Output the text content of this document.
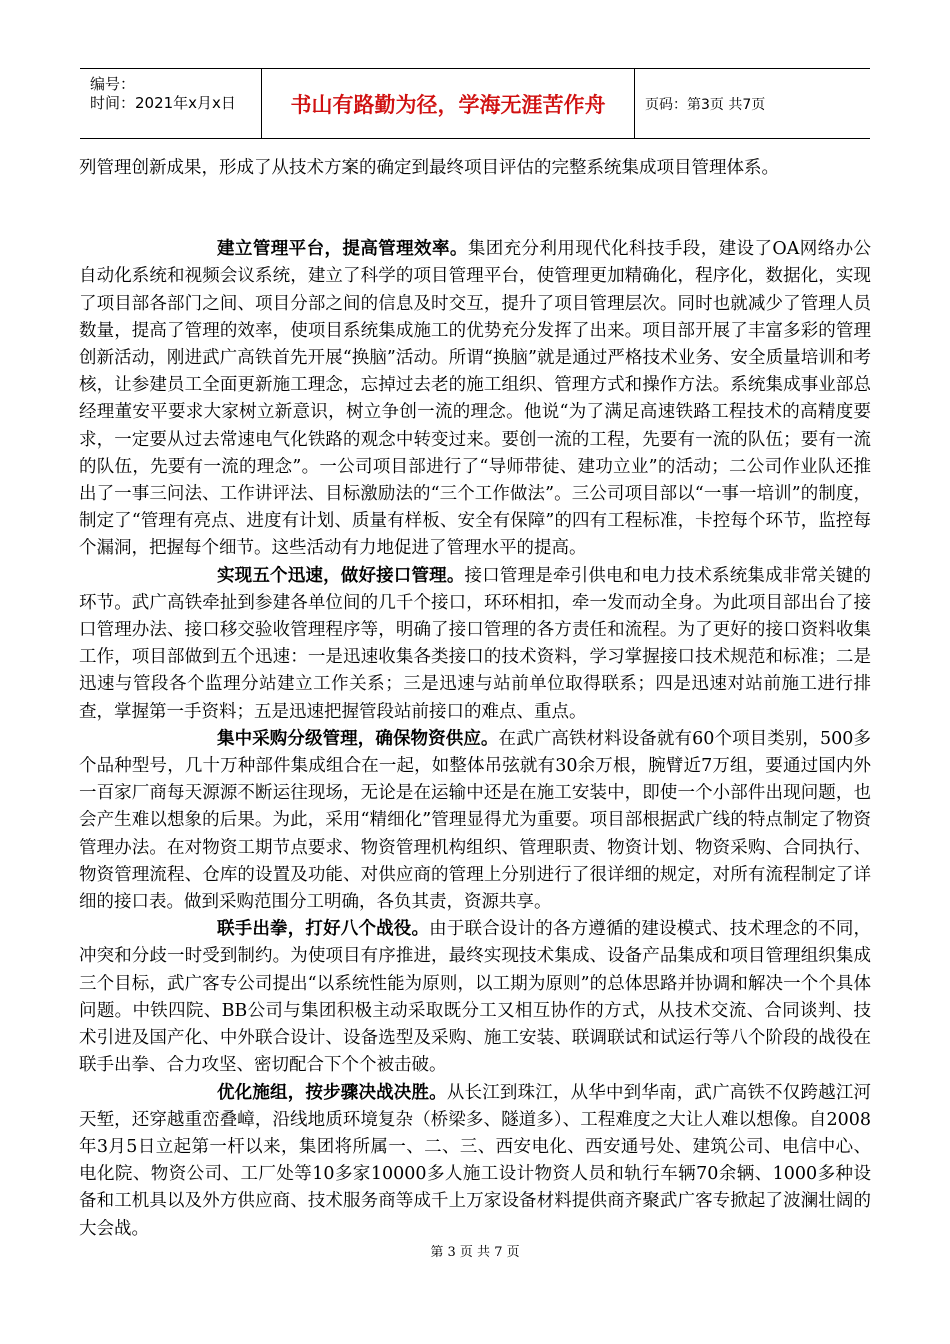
编号：
时间：2021年x月x日	书山有路勤为径，学海无涯苦作舟	页码：第3页 共7页

列管理创新成果，形成了从技术方案的确定到最终项目评估的完整系统集成项目管理体系。

建立管理平台，提高管理效率。集团充分利用现代化科技手段，建设了OA网络办公自动化系统和视频会议系统，建立了科学的项目管理平台，使管理更加精确化，程序化，数据化，实现了项目部各部门之间、项目分部之间的信息及时交互，提升了项目管理层次。同时也就减少了管理人员数量，提高了管理的效率，使项目系统集成施工的优势充分发挥了出来。项目部开展了丰富多彩的管理创新活动，刚进武广高铁首先开展“换脑”活动。所谓“换脑”就是通过严格技术业务、安全质量培训和考核，让参建员工全面更新施工理念，忘掉过去老的施工组织、管理方式和操作方法。系统集成事业部总经理董安平要求大家树立新意识，树立争创一流的理念。他说“为了满足高速铁路工程技术的高精度要求，一定要从过去常速电气化铁路的观念中转变过来。要创一流的工程，先要有一流的队伍；要有一流的队伍，先要有一流的理念”。一公司项目部进行了“导师带徒、建功立业”的活动；二公司作业队还推出了一事三问法、工作讲评法、目标激励法的“三个工作做法”。三公司项目部以“一事一培训”的制度，制定了“管理有亮点、进度有计划、质量有样板、安全有保障”的四有工程标准，卡控每个环节，监控每个漏洞，把握每个细节。这些活动有力地促进了管理水平的提高。

实现五个迅速，做好接口管理。接口管理是牵引供电和电力技术系统集成非常关键的环节。武广高铁牵扯到参建各单位间的几千个接口，环环相扣，牵一发而动全身。为此项目部出台了接口管理办法、接口移交验收管理程序等，明确了接口管理的各方责任和流程。为了更好的接口资料收集工作，项目部做到五个迅速：一是迅速收集各类接口的技术资料，学习掌握接口技术规范和标准；二是迅速与管段各个监理分站建立工作关系；三是迅速与站前单位取得联系；四是迅速对站前施工进行排查，掌握第一手资料；五是迅速把握管段站前接口的难点、重点。

集中采购分级管理，确保物资供应。在武广高铁材料设备就有60个项目类别，500多个品种型号，几十万种部件集成组合在一起，如整体吊弦就有30余万根，腕臂近7万组，要通过国内外一百家厂商每天源源不断运往现场，无论是在运输中还是在施工安装中，即使一个小部件出现问题，也会产生难以想象的后果。为此，采用“精细化”管理显得尤为重要。项目部根据武广线的特点制定了物资管理办法。在对物资工期节点要求、物资管理机构组织、管理职责、物资计划、物资采购、合同执行、物资管理流程、仓库的设置及功能、对供应商的管理上分别进行了很详细的规定，对所有流程制定了详细的接口表。做到采购范围分工明确，各负其责，资源共享。

联手出拳，打好八个战役。由于联合设计的各方遵循的建设模式、技术理念的不同，冲突和分歧一时受到制约。为使项目有序推进，最终实现技术集成、设备产品集成和项目管理组织集成三个目标，武广客专公司提出“以系统性能为原则，以工期为原则”的总体思路并协调和解决一个个具体问题。中铁四院、BB公司与集团积极主动采取既分工又相互协作的方式，从技术交流、合同谈判、技术引进及国产化、中外联合设计、设备选型及采购、施工安装、联调联试和试运行等八个阶段的战役在联手出拳、合力攻坚、密切配合下个个被击破。

优化施组，按步骤决战决胜。从长江到珠江，从华中到华南，武广高铁不仅跨越江河天堑，还穿越重峦叠嶂，沿线地质环境复杂（桥梁多、隧道多）、工程难度之大让人难以想像。自2008年3月5日立起第一杆以来，集团将所属一、二、三、西安电化、西安通号处、建筑公司、电信中心、电化院、物资公司、工厂处等10多家10000多人施工设计物资人员和轨行车辆70余辆、1000多种设备和工机具以及外方供应商、技术服务商等成千上万家设备材料提供商齐聚武广客专掀起了波澜壮阔的大会战。

第 3 页 共 7 页
